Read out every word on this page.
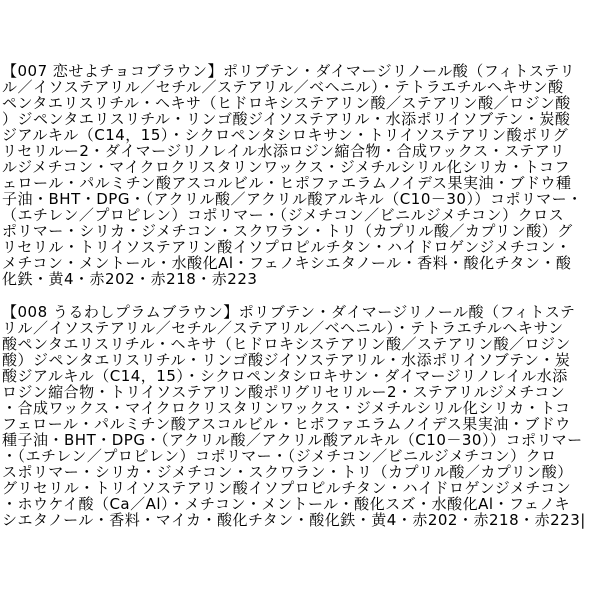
【007 恋せよチョコブラウン】ポリブテン・ダイマージリノール酸（フィトステリ
ル／イソステアリル／セチル／ステアリル／ベヘニル）・テトラエチルヘキサン酸
ペンタエリスリチル・ヘキサ（ヒドロキシステアリン酸／ステアリン酸／ロジン酸
）ジペンタエリスリチル・リンゴ酸ジイソステアリル・水添ポリイソブテン・炭酸
ジアルキル（C14，15）・シクロペンタシロキサン・トリイソステアリン酸ポリグ
リセリルー2・ダイマージリノレイル水添ロジン縮合物・合成ワックス・ステアリ
ルジメチコン・マイクロクリスタリンワックス・ジメチルシリル化シリカ・トコフ
ェロール・パルミチン酸アスコルビル・ヒポファエラムノイデス果実油・ブドウ種
子油・BHT・DPG・（アクリル酸／アクリル酸アルキル（C10－30））コポリマー・
（エチレン／プロピレン）コポリマー・（ジメチコン／ビニルジメチコン）クロス
ポリマー・シリカ・ジメチコン・スクワラン・トリ（カプリル酸／カプリン酸）グ
リセリル・トリイソステアリン酸イソプロピルチタン・ハイドロゲンジメチコン・
メチコン・メントール・水酸化Al・フェノキシエタノール・香料・酸化チタン・酸
化鉄・黄4・赤202・赤218・赤223
【008 うるわしプラムブラウン】ポリブテン・ダイマージリノール酸（フィトステ
リル／イソステアリル／セチル／ステアリル／ベヘニル）・テトラエチルヘキサン
酸ペンタエリスリチル・ヘキサ（ヒドロキシステアリン酸／ステアリン酸／ロジン
酸）ジペンタエリスリチル・リンゴ酸ジイソステアリル・水添ポリイソブテン・炭
酸ジアルキル（C14，15）・シクロペンタシロキサン・ダイマージリノレイル水添
ロジン縮合物・トリイソステアリン酸ポリグリセリルー2・ステアリルジメチコン
・合成ワックス・マイクロクリスタリンワックス・ジメチルシリル化シリカ・トコ
フェロール・パルミチン酸アスコルビル・ヒポファエラムノイデス果実油・ブドウ
種子油・BHT・DPG・（アクリル酸／アクリル酸アルキル（C10－30））コポリマー
・（エチレン／プロピレン）コポリマー・（ジメチコン／ビニルジメチコン）クロ
スポリマー・シリカ・ジメチコン・スクワラン・トリ（カプリル酸／カプリン酸）
グリセリル・トリイソステアリン酸イソプロピルチタン・ハイドロゲンジメチコン
・ホウケイ酸（Ca／Al）・メチコン・メントール・酸化スズ・水酸化Al・フェノキ
シエタノール・香料・マイカ・酸化チタン・酸化鉄・黄4・赤202・赤218・赤223|
